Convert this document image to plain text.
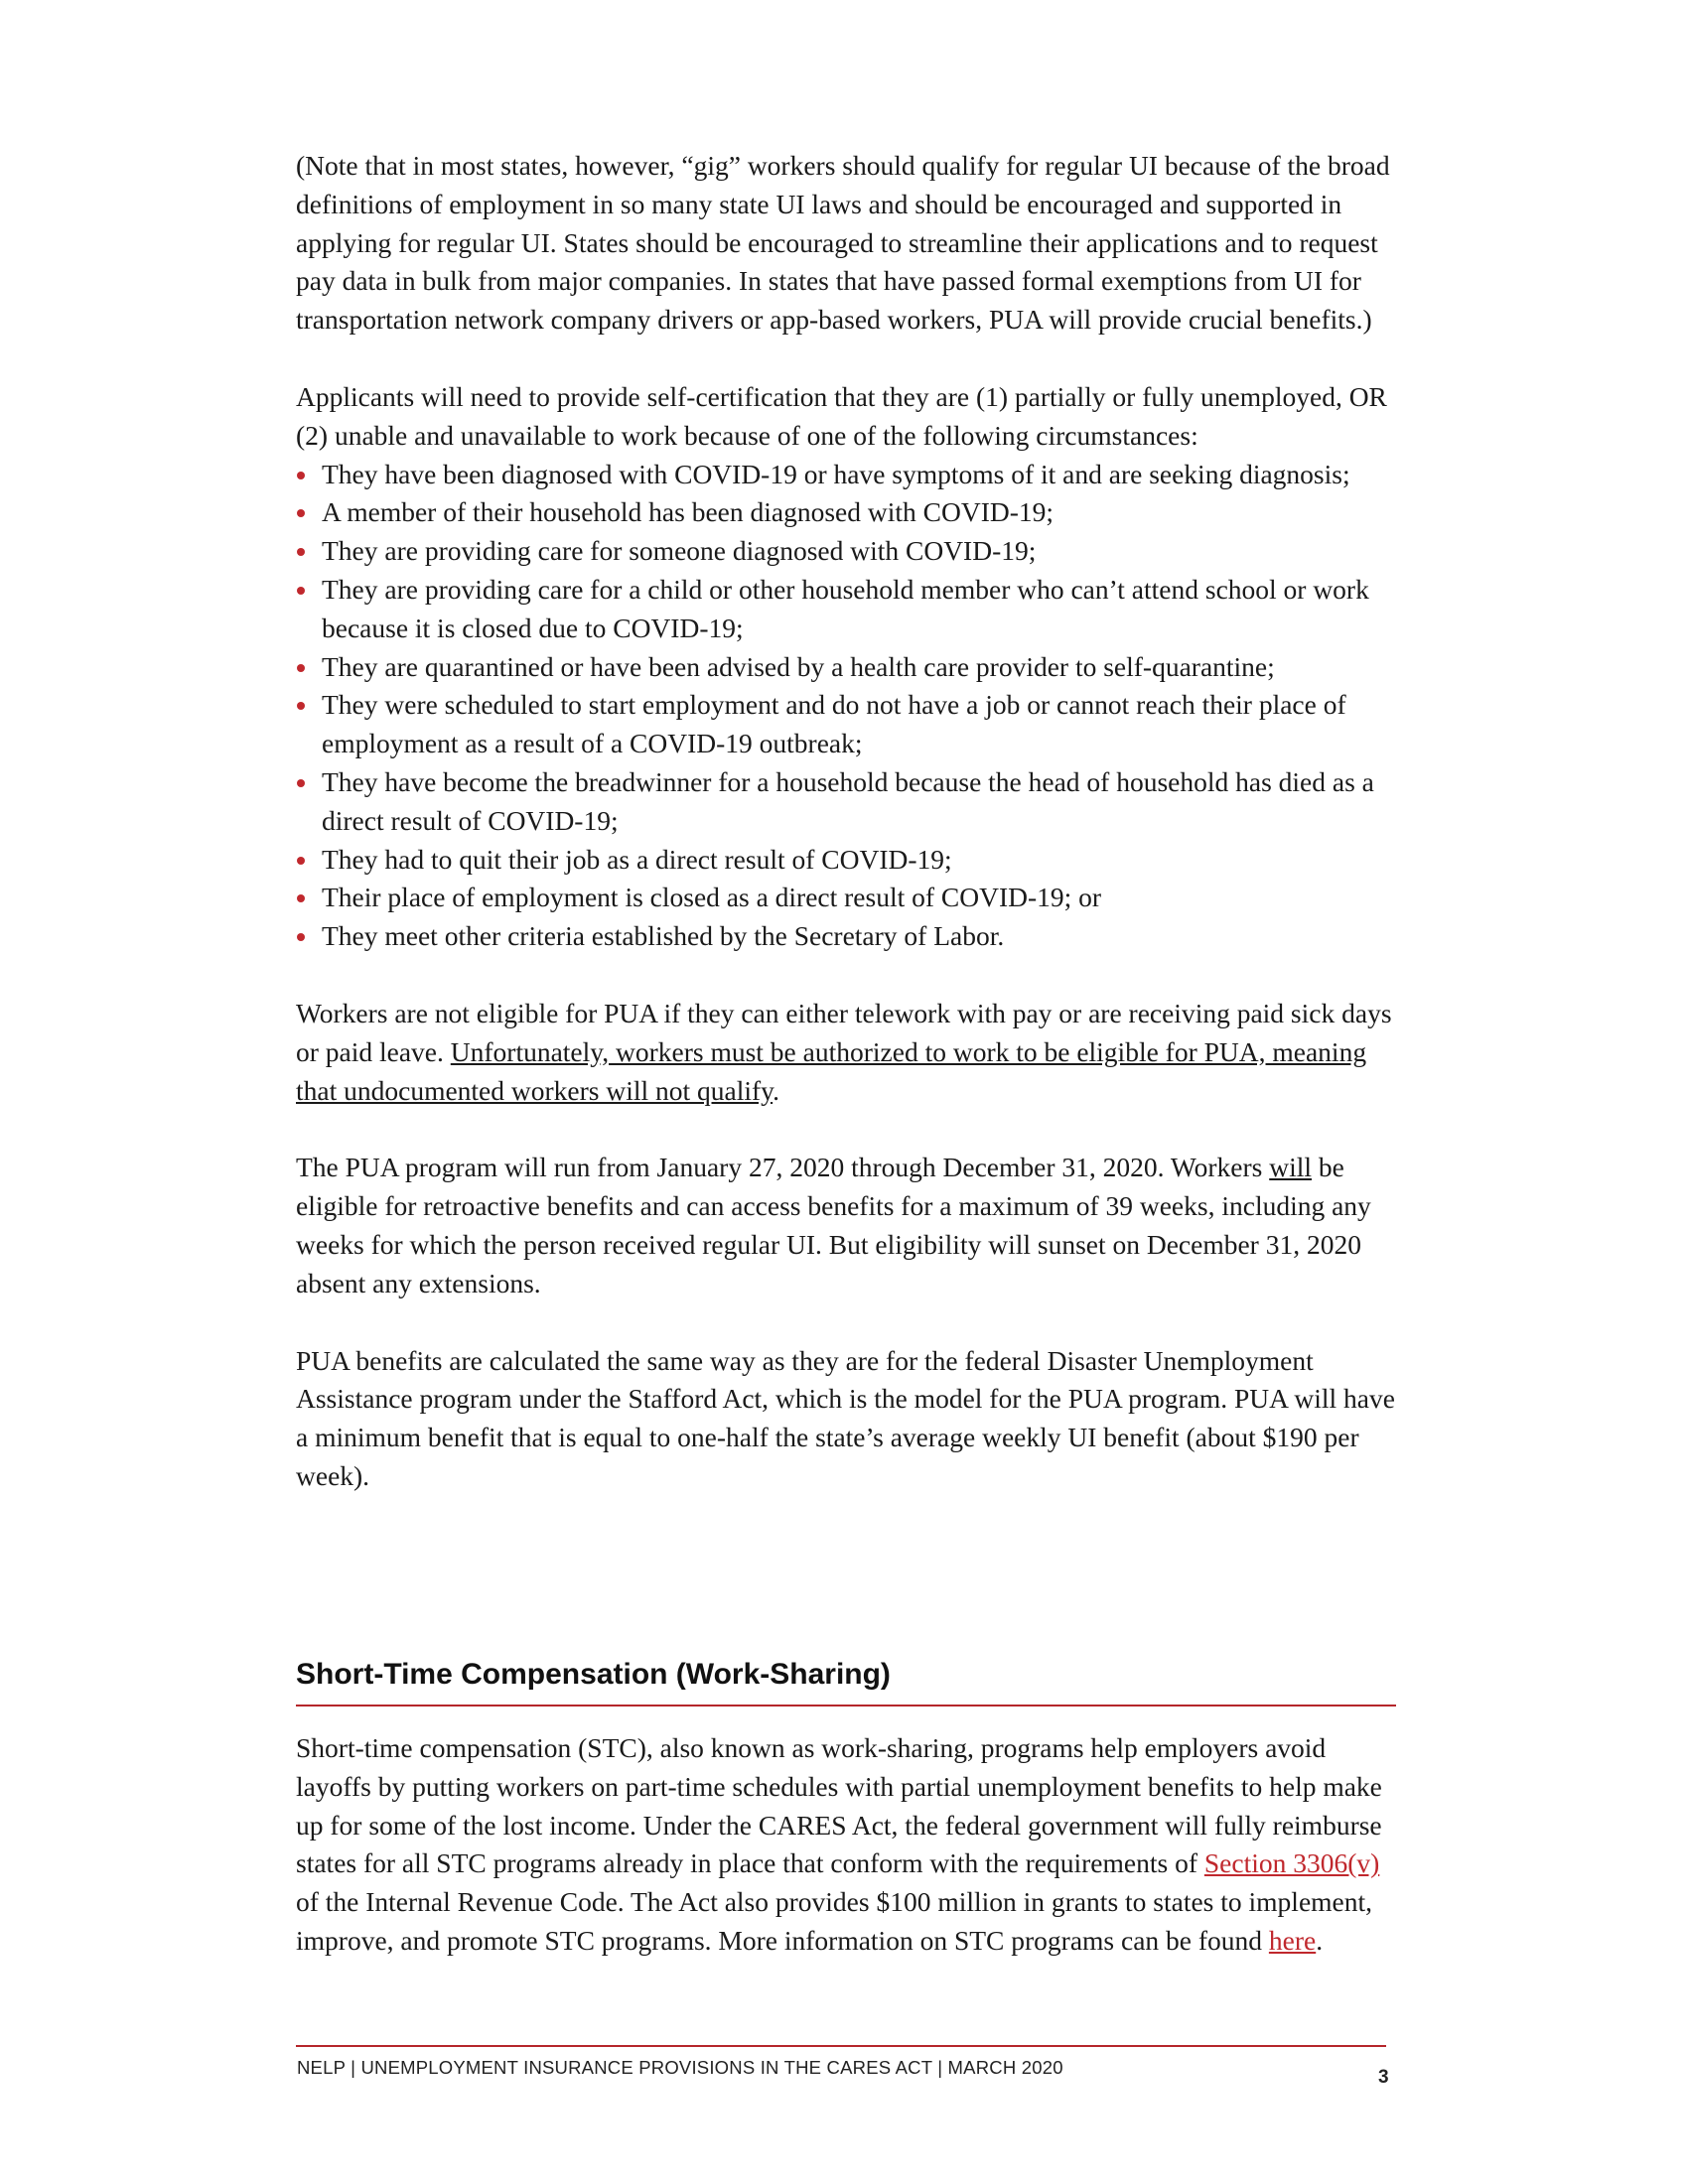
(Note that in most states, however, “gig” workers should qualify for regular UI because of the broad definitions of employment in so many state UI laws and should be encouraged and supported in applying for regular UI. States should be encouraged to streamline their applications and to request pay data in bulk from major companies. In states that have passed formal exemptions from UI for transportation network company drivers or app-based workers, PUA will provide crucial benefits.)

Applicants will need to provide self-certification that they are (1) partially or fully unemployed, OR (2) unable and unavailable to work because of one of the following circumstances:

They have been diagnosed with COVID-19 or have symptoms of it and are seeking diagnosis;
A member of their household has been diagnosed with COVID-19;
They are providing care for someone diagnosed with COVID-19;
They are providing care for a child or other household member who can’t attend school or work because it is closed due to COVID-19;
They are quarantined or have been advised by a health care provider to self-quarantine;
They were scheduled to start employment and do not have a job or cannot reach their place of employment as a result of a COVID-19 outbreak;
They have become the breadwinner for a household because the head of household has died as a direct result of COVID-19;
They had to quit their job as a direct result of COVID-19;
Their place of employment is closed as a direct result of COVID-19; or
They meet other criteria established by the Secretary of Labor.

Workers are not eligible for PUA if they can either telework with pay or are receiving paid sick days or paid leave. Unfortunately, workers must be authorized to work to be eligible for PUA, meaning that undocumented workers will not qualify.

The PUA program will run from January 27, 2020 through December 31, 2020. Workers will be eligible for retroactive benefits and can access benefits for a maximum of 39 weeks, including any weeks for which the person received regular UI. But eligibility will sunset on December 31, 2020 absent any extensions.

PUA benefits are calculated the same way as they are for the federal Disaster Unemployment Assistance program under the Stafford Act, which is the model for the PUA program. PUA will have a minimum benefit that is equal to one-half the state’s average weekly UI benefit (about $190 per week).

Short-Time Compensation (Work-Sharing)

Short-time compensation (STC), also known as work-sharing, programs help employers avoid layoffs by putting workers on part-time schedules with partial unemployment benefits to help make up for some of the lost income. Under the CARES Act, the federal government will fully reimburse states for all STC programs already in place that conform with the requirements of Section 3306(v) of the Internal Revenue Code. The Act also provides $100 million in grants to states to implement, improve, and promote STC programs. More information on STC programs can be found here.

NELP | UNEMPLOYMENT INSURANCE PROVISIONS IN THE CARES ACT | MARCH 2020	3
